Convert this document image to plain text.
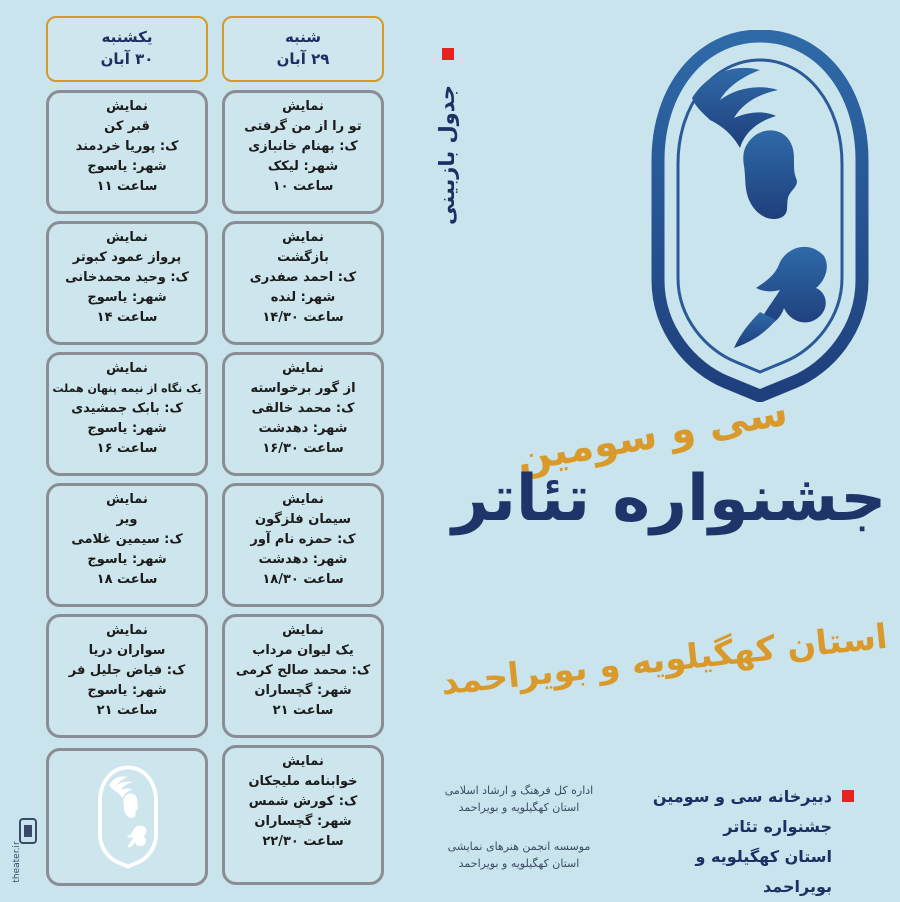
جدول بازبینی
شنبه
۲۹ آبان
نمایش
تو را از من گرفتی
ک: بهنام خانبازی
شهر: لیکک
ساعت ۱۰
نمایش
بازگشت
ک: احمد صفدری
شهر: لنده
ساعت ۱۴/۳۰
نمایش
از گور برخواسته
ک: محمد خالقی
شهر: دهدشت
ساعت ۱۶/۳۰
نمایش
سیمان فلزگون
ک: حمزه نام آور
شهر: دهدشت
ساعت ۱۸/۳۰
نمایش
یک لیوان مرداب
ک: محمد صالح کرمی
شهر: گچساران
ساعت ۲۱
نمایش
خوابنامه ملیجکان
ک: کورش شمس
شهر: گچساران
ساعت ۲۲/۳۰
یکشنبه
۳۰ آبان
نمایش
قبر کن
ک: پوریا خردمند
شهر: یاسوج
ساعت ۱۱
نمایش
پرواز عمود کبوتر
ک: وحید محمدخانی
شهر: یاسوج
ساعت ۱۴
نمایش
یک نگاه از نیمه پنهان هملت
ک: بابک جمشیدی
شهر: یاسوج
ساعت ۱۶
نمایش
ویر
ک: سیمین غلامی
شهر: یاسوج
ساعت ۱۸
نمایش
سواران دریا
ک: فیاض جلیل فر
شهر: یاسوج
ساعت ۲۱
سی و سومین
جشنواره تئاتر
استان کهگیلویه و بویراحمد
اداره کل فرهنگ و ارشاد اسلامی
استان کهگیلویه و بویراحمد
موسسه انجمن هنرهای نمایشی
استان کهگیلویه و بویراحمد
دبیرخانه سی و سومین
جشنواره تئاتر
استان کهگیلویه و بویراحمد
theater.ir
